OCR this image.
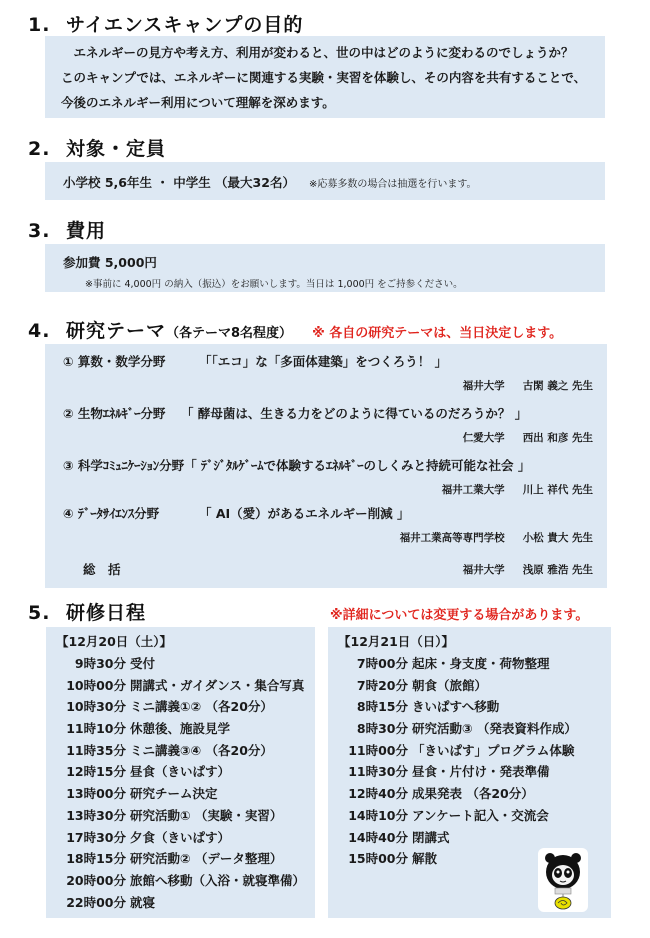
1. サイエンスキャンプの目的

　エネルギーの見方や考え方、利用が変わると、世の中はどのように変わるのでしょうか？

このキャンプでは、エネルギーに関連する実験・実習を体験し、その内容を共有することで、

今後のエネルギー利用について理解を深めます。

2. 対象・定員
小学校 5,6年生 ・ 中学生 （最大32名） ※応募多数の場合は抽選を行います。
3. 費用
参加費 5,000円
※事前に 4,000円 の納入（振込）をお願いします。当日は 1,000円 をご持参ください。
4. 研究テーマ（各テーマ8名程度） ※ 各自の研究テーマは、当日決定します。
① 算数・数学分野	「「エコ」な「多面体建築」をつくろう！ 」
福井大学 古閑 義之 先生
② 生物ｴﾈﾙｷﾞｰ分野 「 酵母菌は、生きる力をどのように得ているのだろうか？ 」
仁愛大学 西出 和彦 先生
③ 科学ｺﾐｭﾆｹｰｼｮﾝ分野「 ﾃﾞｼﾞﾀﾙｹﾞｰﾑで体験するｴﾈﾙｷﾞｰのしくみと持続可能な社会 」
福井工業大学 川上 祥代 先生
④ ﾃﾞｰﾀｻｲｴﾝｽ分野	「 AI（愛）があるエネルギー削減 」
福井工業高等専門学校 小松 貴大 先生
総　括	福井大学 浅原 雅浩 先生
5. 研修日程	※詳細については変更する場合があります。
【12月20日（土）】
9時30分 受付
10時00分 開講式・ガイダンス・集合写真
10時30分 ミニ講義①② （各20分）
11時10分 休憩後、施設見学
11時35分 ミニ講義③④ （各20分）
12時15分 昼食（きいぱす）
13時00分 研究チーム決定
13時30分 研究活動① （実験・実習）
17時30分 夕食（きいぱす）
18時15分 研究活動② （データ整理）
20時00分 旅館へ移動（入浴・就寝準備）
22時00分 就寝
【12月21日（日）】
7時00分 起床・身支度・荷物整理
7時20分 朝食（旅館）
8時15分 きいぱすへ移動
8時30分 研究活動③ （発表資料作成）
11時00分 「きいぱす」プログラム体験
11時30分 昼食・片付け・発表準備
12時40分 成果発表 （各20分）
14時10分 アンケート記入・交流会
14時40分 閉講式
15時00分 解散
